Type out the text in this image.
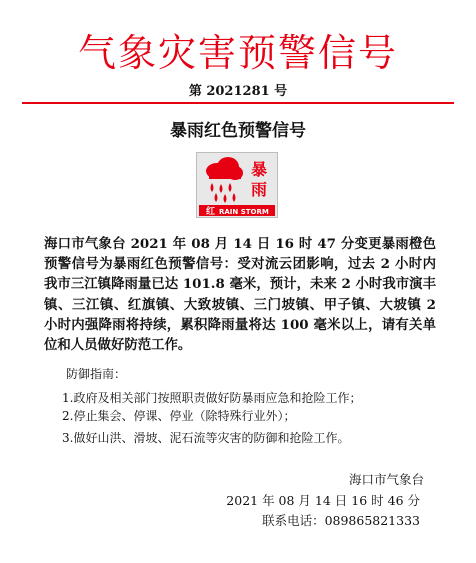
气象灾害预警信号
第 2021281 号
暴雨红色预警信号
暴
雨
红 RAIN STORM
海口市气象台 2021 年 08 月 14 日 16 时 47 分变更暴雨橙色预警信号为暴雨红色预警信号：受对流云团影响，过去 2 小时内我市三江镇降雨量已达 101.8 毫米，预计，未来 2 小时我市演丰镇、三江镇、红旗镇、大致坡镇、三门坡镇、甲子镇、大坡镇 2 小时内强降雨将持续，累积降雨量将达 100 毫米以上，请有关单位和人员做好防范工作。
防御指南：
1.政府及相关部门按照职责做好防暴雨应急和抢险工作；
2.停止集会、停课、停业（除特殊行业外）；
3.做好山洪、滑坡、泥石流等灾害的防御和抢险工作。
海口市气象台
2021 年 08 月 14 日 16 时 46 分
联系电话：089865821333
